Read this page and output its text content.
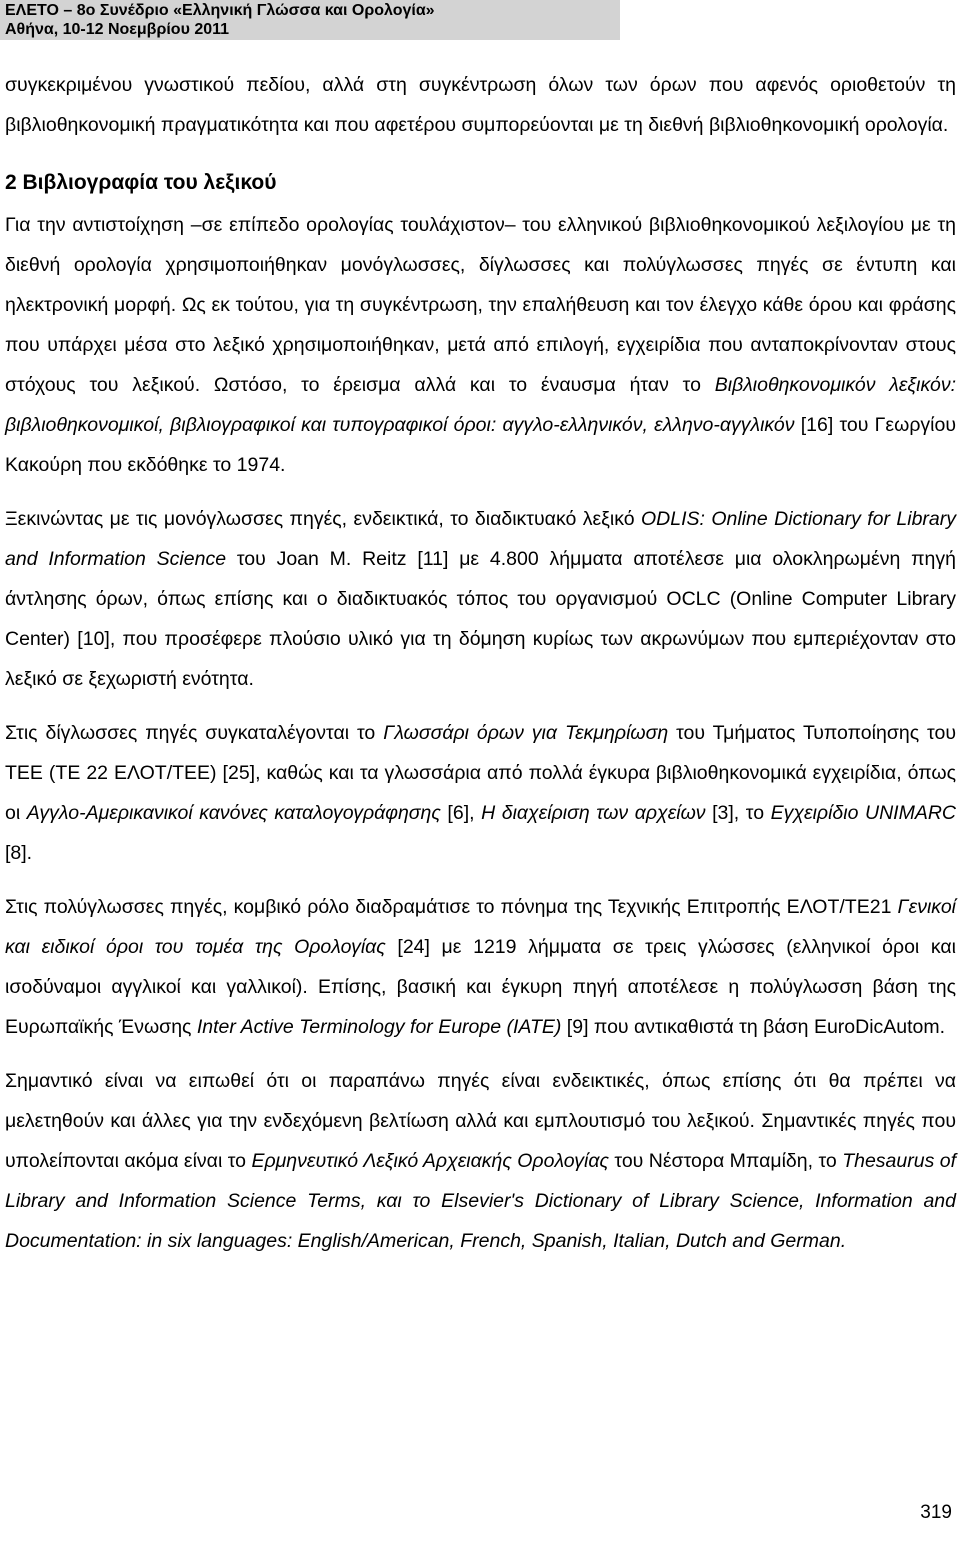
ΕΛΕΤΟ – 8ο Συνέδριο «Ελληνική Γλώσσα και Ορολογία»
Αθήνα, 10-12 Νοεμβρίου 2011

συγκεκριμένου γνωστικού πεδίου, αλλά στη συγκέντρωση όλων των όρων που αφενός οριοθετούν τη βιβλιοθηκονομική πραγματικότητα και που αφετέρου συμπορεύονται με τη διεθνή βιβλιοθηκονομική ορολογία.

2 Βιβλιογραφία του λεξικού

Για την αντιστοίχηση –σε επίπεδο ορολογίας τουλάχιστον– του ελληνικού βιβλιοθηκονομικού λεξιλογίου με τη διεθνή ορολογία χρησιμοποιήθηκαν μονόγλωσσες, δίγλωσσες και πολύγλωσσες πηγές σε έντυπη και ηλεκτρονική μορφή. Ως εκ τούτου, για τη συγκέντρωση, την επαλήθευση και τον έλεγχο κάθε όρου και φράσης που υπάρχει μέσα στο λεξικό χρησιμοποιήθηκαν, μετά από επιλογή, εγχειρίδια που ανταποκρίνονταν στους στόχους του λεξικού. Ωστόσο, το έρεισμα αλλά και το έναυσμα ήταν το Βιβλιοθηκονομικόν λεξικόν: βιβλιοθηκονομικοί, βιβλιογραφικοί και τυπογραφικοί όροι: αγγλο-ελληνικόν, ελληνο-αγγλικόν [16] του Γεωργίου Κακούρη που εκδόθηκε το 1974.

Ξεκινώντας με τις μονόγλωσσες πηγές, ενδεικτικά, το διαδικτυακό λεξικό ODLIS: Online Dictionary for Library and Information Science του Joan M. Reitz [11] με 4.800 λήμματα αποτέλεσε μια ολοκληρωμένη πηγή άντλησης όρων, όπως επίσης και ο διαδικτυακός τόπος του οργανισμού OCLC (Online Computer Library Center) [10], που προσέφερε πλούσιο υλικό για τη δόμηση κυρίως των ακρωνύμων που εμπεριέχονταν στο λεξικό σε ξεχωριστή ενότητα.

Στις δίγλωσσες πηγές συγκαταλέγονται το Γλωσσάρι όρων για Τεκμηρίωση του Τμήματος Τυποποίησης του ΤΕΕ (ΤΕ 22 ΕΛΟΤ/ΤΕΕ) [25], καθώς και τα γλωσσάρια από πολλά έγκυρα βιβλιοθηκονομικά εγχειρίδια, όπως οι Αγγλο-Αμερικανικοί κανόνες καταλογογράφησης [6], Η διαχείριση των αρχείων [3], το Εγχειρίδιο UNIMARC [8].

Στις πολύγλωσσες πηγές, κομβικό ρόλο διαδραμάτισε το πόνημα της Τεχνικής Επιτροπής ΕΛΟΤ/ΤΕ21 Γενικοί και ειδικοί όροι του τομέα της Ορολογίας [24] με 1219 λήμματα σε τρεις γλώσσες (ελληνικοί όροι και ισοδύναμοι αγγλικοί και γαλλικοί). Επίσης, βασική και έγκυρη πηγή αποτέλεσε η πολύγλωσση βάση της Ευρωπαϊκής Ένωσης Inter Active Terminology for Europe (IATE) [9] που αντικαθιστά τη βάση EuroDicAutom.

Σημαντικό είναι να ειπωθεί ότι οι παραπάνω πηγές είναι ενδεικτικές, όπως επίσης ότι θα πρέπει να μελετηθούν και άλλες για την ενδεχόμενη βελτίωση αλλά και εμπλουτισμό του λεξικού. Σημαντικές πηγές που υπολείπονται ακόμα είναι το Ερμηνευτικό Λεξικό Αρχειακής Ορολογίας του Νέστορα Μπαμίδη, το Thesaurus of Library and Information Science Terms, και το Elsevier's Dictionary of Library Science, Information and Documentation: in six languages: English/American, French, Spanish, Italian, Dutch and German.

319
